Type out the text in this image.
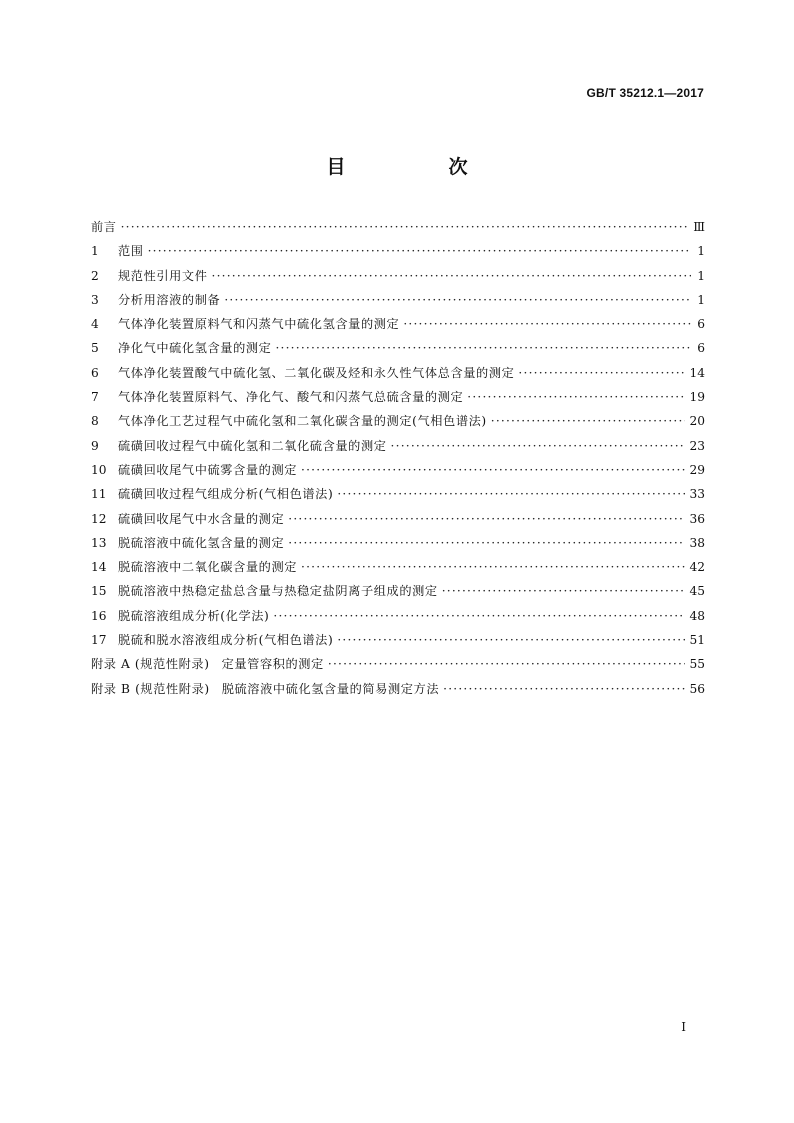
GB/T 35212.1—2017
目　次
前言 ·····	Ⅲ
1	范围 ·····	1
2	规范性引用文件 ·····	1
3	分析用溶液的制备 ·····	1
4	气体净化装置原料气和闪蒸气中硫化氢含量的测定 ·····	6
5	净化气中硫化氢含量的测定 ·····	6
6	气体净化装置酸气中硫化氢、二氧化碳及烃和永久性气体总含量的测定 ·····	14
7	气体净化装置原料气、净化气、酸气和闪蒸气总硫含量的测定 ·····	19
8	气体净化工艺过程气中硫化氢和二氧化碳含量的测定(气相色谱法) ·····	20
9	硫磺回收过程气中硫化氢和二氧化硫含量的测定 ·····	23
10 硫磺回收尾气中硫雾含量的测定 ·····	29
11 硫磺回收过程气组成分析(气相色谱法) ·····	33
12 硫磺回收尾气中水含量的测定 ·····	36
13 脱硫溶液中硫化氢含量的测定 ·····	38
14 脱硫溶液中二氧化碳含量的测定 ·····	42
15 脱硫溶液中热稳定盐总含量与热稳定盐阴离子组成的测定 ·····	45
16 脱硫溶液组成分析(化学法) ·····	48
17 脱硫和脱水溶液组成分析(气相色谱法) ·····	51
附录 A (规范性附录) 定量管容积的测定 ·····	55
附录 B (规范性附录) 脱硫溶液中硫化氢含量的简易测定方法 ·····	56
I
